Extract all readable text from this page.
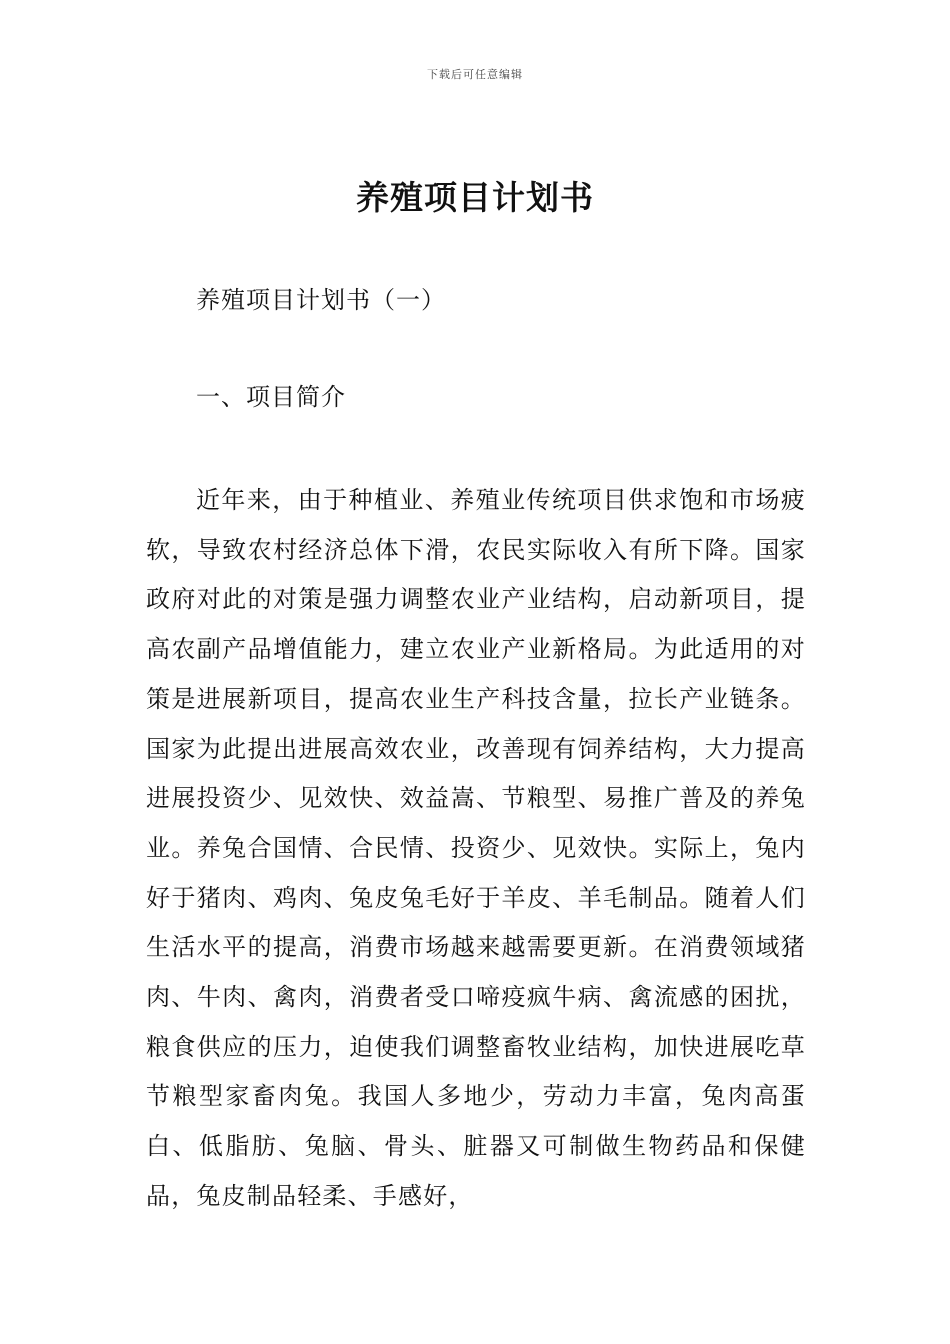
下载后可任意编辑
养殖项目计划书

养殖项目计划书（一）

一、项目简介

近年来，由于种植业、养殖业传统项目供求饱和市场疲软，导致农村经济总体下滑，农民实际收入有所下降。国家政府对此的对策是强力调整农业产业结构，启动新项目，提高农副产品增值能力，建立农业产业新格局。为此适用的对策是进展新项目，提高农业生产科技含量，拉长产业链条。国家为此提出进展高效农业，改善现有饲养结构，大力提高进展投资少、见效快、效益嵩、节粮型、易推广普及的养兔业。养兔合国情、合民情、投资少、见效快。实际上，兔内好于猪肉、鸡肉、兔皮兔毛好于羊皮、羊毛制品。随着人们生活水平的提高，消费市场越来越需要更新。在消费领域猪肉、牛肉、禽肉，消费者受口啼疫疯牛病、禽流感的困扰，粮食供应的压力，迫使我们调整畜牧业结构，加快进展吃草节粮型家畜肉兔。我国人多地少，劳动力丰富，兔肉高蛋白、低脂肪、兔脑、骨头、脏器又可制做生物药品和保健品，兔皮制品轻柔、手感好，
